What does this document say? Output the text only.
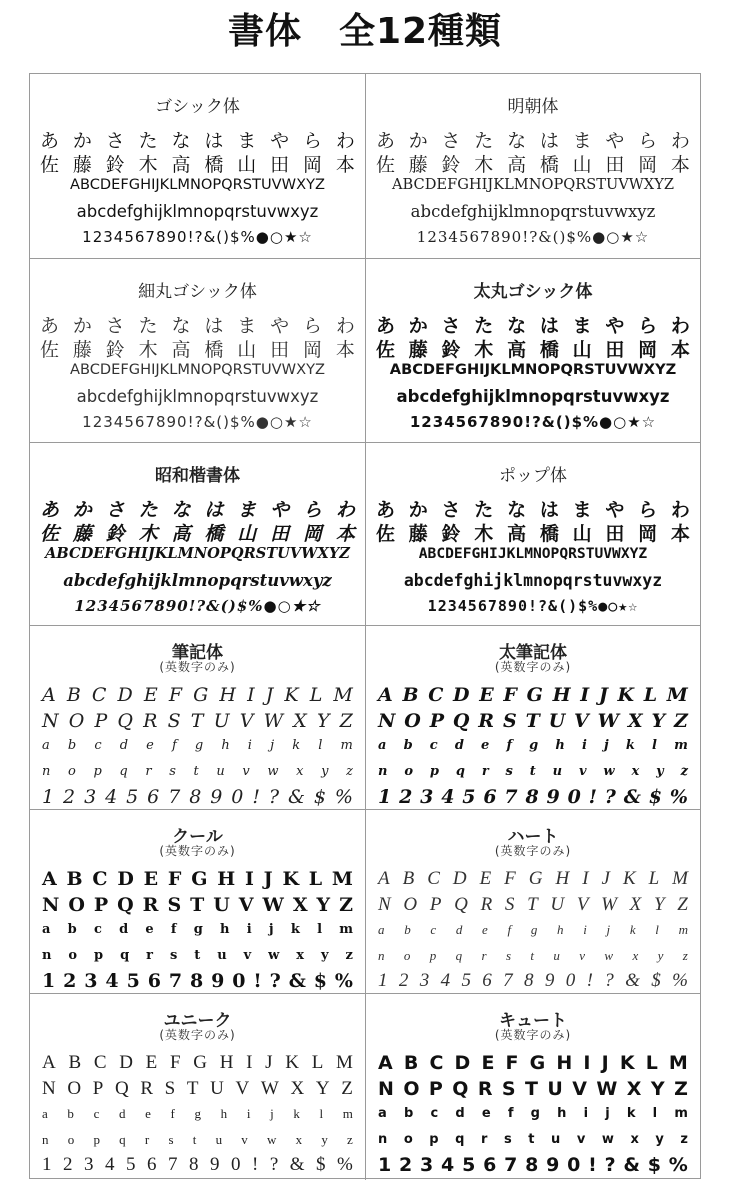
書体　全12種類
ゴシック体
あ か さ た な は ま や ら わ
佐 藤 鈴 木 高 橋 山 田 岡 本
ABCDEFGHIJKLMNOPQRSTUVWXYZ
abcdefghijklmnopqrstuvwxyz
1234567890!?&()$%●○★☆
明朝体
あ か さ た な は ま や ら わ
佐 藤 鈴 木 高 橋 山 田 岡 本
ABCDEFGHIJKLMNOPQRSTUVWXYZ
abcdefghijklmnopqrstuvwxyz
1234567890!?&()$%●○★☆
細丸ゴシック体
あ か さ た な は ま や ら わ
佐 藤 鈴 木 高 橋 山 田 岡 本
ABCDEFGHIJKLMNOPQRSTUVWXYZ
abcdefghijklmnopqrstuvwxyz
1234567890!?&()$%●○★☆
太丸ゴシック体
あ か さ た な は ま や ら わ
佐 藤 鈴 木 高 橋 山 田 岡 本
ABCDEFGHIJKLMNOPQRSTUVWXYZ
abcdefghijklmnopqrstuvwxyz
1234567890!?&()$%●○★☆
昭和楷書体
あ か さ た な は ま や ら わ
佐 藤 鈴 木 高 橋 山 田 岡 本
ABCDEFGHIJKLMNOPQRSTUVWXYZ
abcdefghijklmnopqrstuvwxyz
1234567890!?&()$%●○★☆
ポップ体
あ か さ た な は ま や ら わ
佐 藤 鈴 木 高 橋 山 田 岡 本
ABCDEFGHIJKLMNOPQRSTUVWXYZ
abcdefghijklmnopqrstuvwxyz
1234567890!?&()$%●○★☆
筆記体
(英数字のみ)
A B C D E F G H I J K L M
N O P Q R S T U V W X Y Z
a b c d e f g h i j k l m
n o p q r s t u v w x y z
1 2 3 4 5 6 7 8 9 0 ! ? & $ %
太筆記体
(英数字のみ)
A B C D E F G H I J K L M
N O P Q R S T U V W X Y Z
a b c d e f g h i j k l m
n o p q r s t u v w x y z
1 2 3 4 5 6 7 8 9 0 ! ? & $ %
クール
(英数字のみ)
A B C D E F G H I J K L M
N O P Q R S T U V W X Y Z
a b c d e f g h i j k l m
n o p q r s t u v w x y z
1 2 3 4 5 6 7 8 9 0 ! ? & $ %
ハート
(英数字のみ)
A B C D E F G H I J K L M
N O P Q R S T U V W X Y Z
a b c d e f g h i j k l m
n o p q r s t u v w x y z
1 2 3 4 5 6 7 8 9 0 ! ? & $ %
ユニーク
(英数字のみ)
A B C D E F G H I J K L M
N O P Q R S T U V W X Y Z
a b c d e f g h i j k l m
n o p q r s t u v w x y z
1 2 3 4 5 6 7 8 9 0 ! ? & $ %
キュート
(英数字のみ)
A B C D E F G H I J K L M
N O P Q R S T U V W X Y Z
a b c d e f g h i j k l m
n o p q r s t u v w x y z
1 2 3 4 5 6 7 8 9 0 ! ? & $ %
